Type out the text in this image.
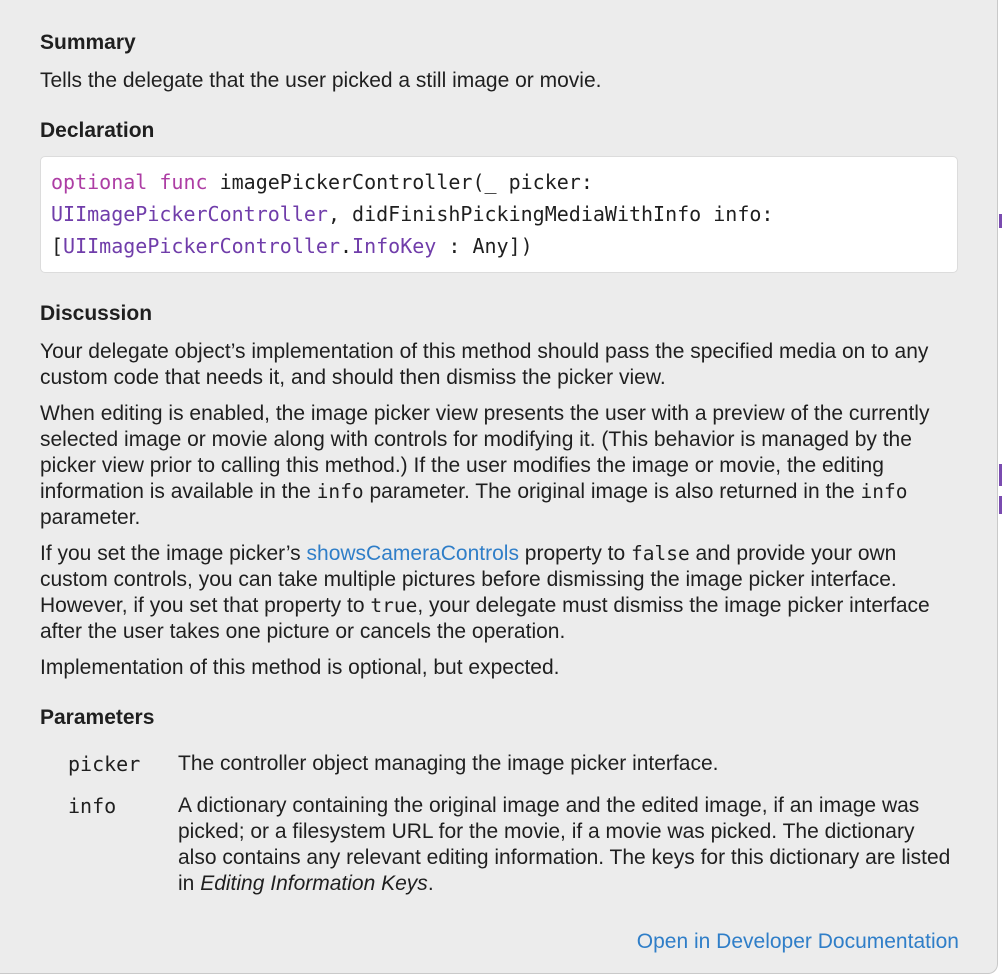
Summary

Tells the delegate that the user picked a still image or movie.

Declaration
optional func imagePickerController(_ picker:
UIImagePickerController, didFinishPickingMediaWithInfo info:
[UIImagePickerController.InfoKey : Any])
Discussion

Your delegate object’s implementation of this method should pass the specified media on to any custom code that needs it, and should then dismiss the picker view.

When editing is enabled, the image picker view presents the user with a preview of the currently selected image or movie along with controls for modifying it. (This behavior is managed by the picker view prior to calling this method.) If the user modifies the image or movie, the editing information is available in the info parameter. The original image is also returned in the info parameter.

If you set the image picker’s showsCameraControls property to false and provide your own custom controls, you can take multiple pictures before dismissing the image picker interface. However, if you set that property to true, your delegate must dismiss the image picker interface after the user takes one picture or cancels the operation.

Implementation of this method is optional, but expected.

Parameters
picker	The controller object managing the image picker interface.
info	A dictionary containing the original image and the edited image, if an image was picked; or a filesystem URL for the movie, if a movie was picked. The dictionary also contains any relevant editing information. The keys for this dictionary are listed in Editing Information Keys.
Open in Developer Documentation
